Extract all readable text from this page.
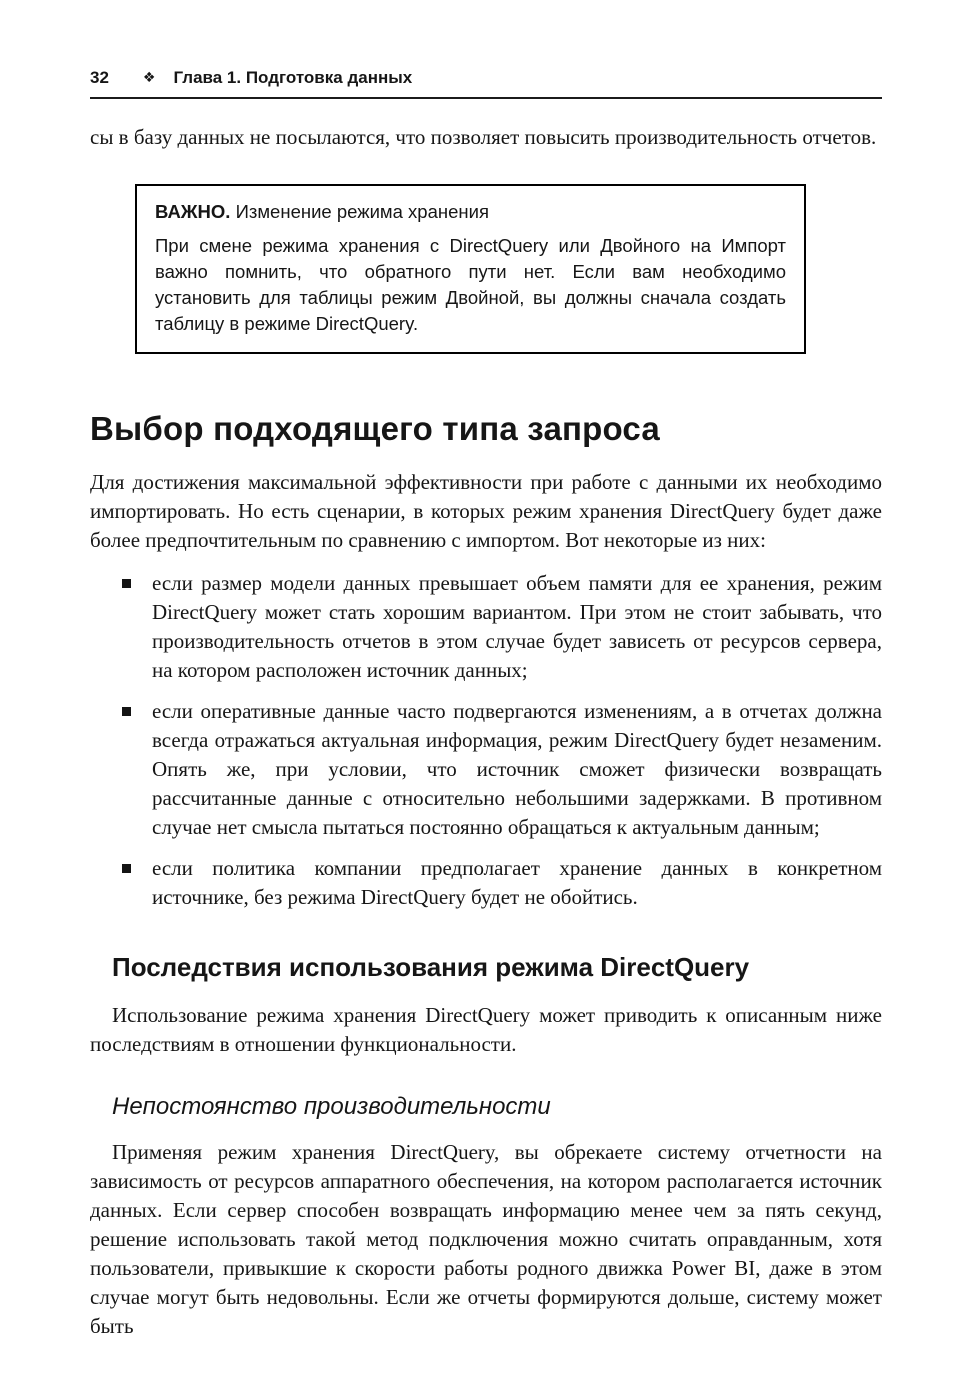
32 ❖ Глава 1. Подготовка данных

сы в базу данных не посылаются, что позволяет повысить производительность отчетов.

ВАЖНО. Изменение режима хранения
При смене режима хранения с DirectQuery или Двойного на Импорт важно помнить, что обратного пути нет. Если вам необходимо установить для таблицы режим Двойной, вы должны сначала создать таблицу в режиме DirectQuery.
Выбор подходящего типа запроса

Для достижения максимальной эффективности при работе с данными их необходимо импортировать. Но есть сценарии, в которых режим хранения DirectQuery будет даже более предпочтительным по сравнению с импортом. Вот некоторые из них:

если размер модели данных превышает объем памяти для ее хранения, режим DirectQuery может стать хорошим вариантом. При этом не стоит забывать, что производительность отчетов в этом случае будет зависеть от ресурсов сервера, на котором расположен источник данных;
если оперативные данные часто подвергаются изменениям, а в отчетах должна всегда отражаться актуальная информация, режим DirectQuery будет незаменим. Опять же, при условии, что источник сможет физически возвращать рассчитанные данные с относительно небольшими задержками. В противном случае нет смысла пытаться постоянно обращаться к актуальным данным;
если политика компании предполагает хранение данных в конкретном источнике, без режима DirectQuery будет не обойтись.
Последствия использования режима DirectQuery

Использование режима хранения DirectQuery может приводить к описанным ниже последствиям в отношении функциональности.

Непостоянство производительности

Применяя режим хранения DirectQuery, вы обрекаете систему отчетности на зависимость от ресурсов аппаратного обеспечения, на котором располагается источник данных. Если сервер способен возвращать информацию менее чем за пять секунд, решение использовать такой метод подключения можно считать оправданным, хотя пользователи, привыкшие к скорости работы родного движка Power BI, даже в этом случае могут быть недовольны. Если же отчеты формируются дольше, систему может быть
